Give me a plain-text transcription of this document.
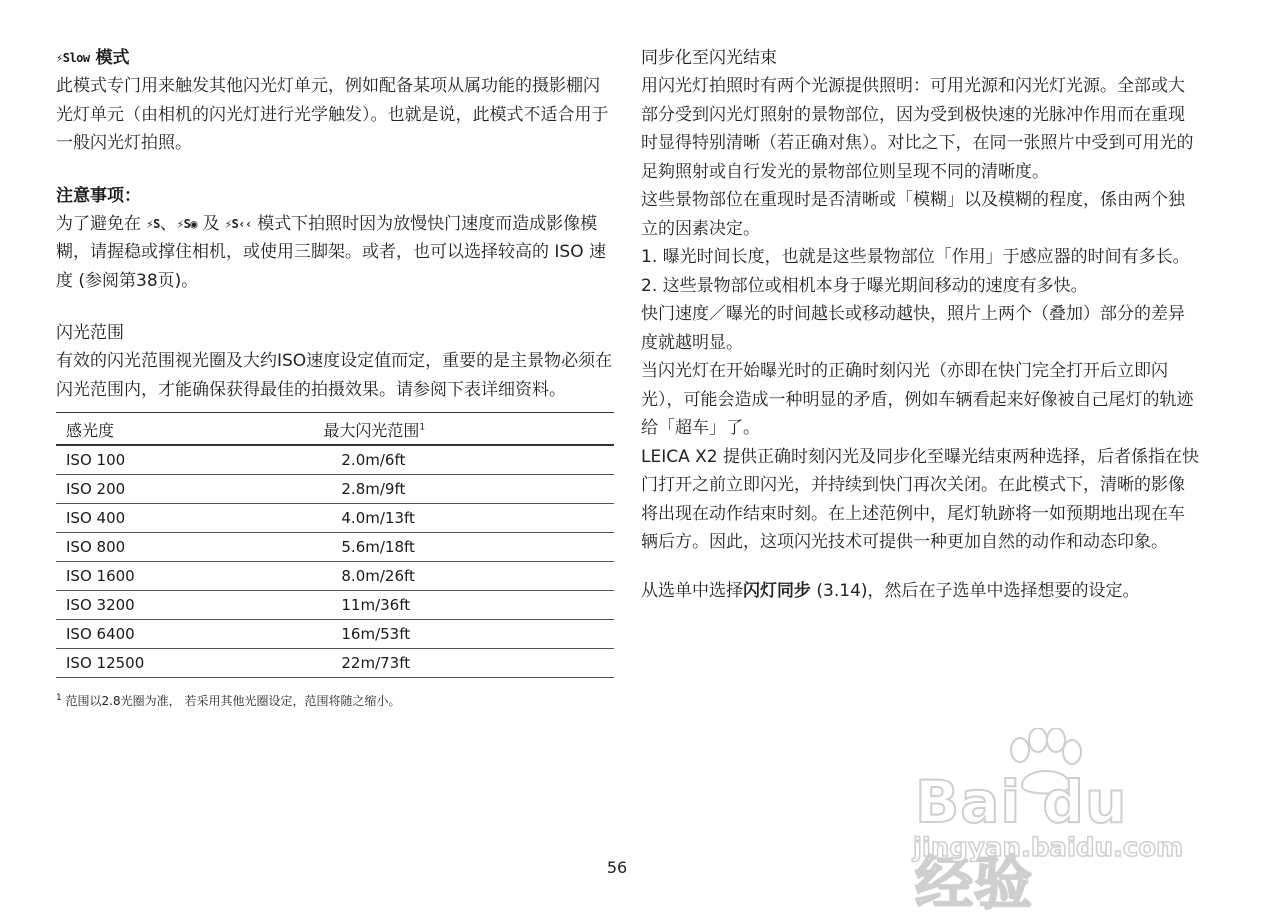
⚡Slow 模式

此模式专门用来触发其他闪光灯单元，例如配备某项从属功能的摄影棚闪光灯单元（由相机的闪光灯进行光学触发）。也就是说，此模式不适合用于一般闪光灯拍照。

注意事项：

为了避免在 ⚡S、⚡S◉ 及 ⚡S‹‹ 模式下拍照时因为放慢快门速度而造成影像模糊，请握稳或撑住相机，或使用三脚架。或者，也可以选择较高的 ISO 速度 (参阅第38页)。

闪光范围

有效的闪光范围视光圈及大约ISO速度设定值而定，重要的是主景物必须在闪光范围内，才能确保获得最佳的拍摄效果。请参阅下表详细资料。

感光度	最大闪光范围$^1$
ISO 100	2.0m/6ft
ISO 200	2.8m/9ft
ISO 400	4.0m/13ft
ISO 800	5.6m/18ft
ISO 1600	8.0m/26ft
ISO 3200	11m/36ft
ISO 6400	16m/53ft
ISO 12500	22m/73ft
$^1$ 范围以2.8光圈为准， 若采用其他光圈设定，范围将随之缩小。

同步化至闪光结束

用闪光灯拍照时有两个光源提供照明：可用光源和闪光灯光源。全部或大部分受到闪光灯照射的景物部位，因为受到极快速的光脉冲作用而在重现时显得特别清晰（若正确对焦）。对比之下，在同一张照片中受到可用光的足夠照射或自行发光的景物部位则呈现不同的清晰度。

这些景物部位在重现时是否清晰或「模糊」以及模糊的程度，係由两个独立的因素决定。

1. 曝光时间长度，也就是这些景物部位「作用」于感应器的时间有多长。

2. 这些景物部位或相机本身于曝光期间移动的速度有多快。

快门速度／曝光的时间越长或移动越快，照片上两个（叠加）部分的差异度就越明显。

当闪光灯在开始曝光时的正确时刻闪光（亦即在快门完全打开后立即闪光），可能会造成一种明显的矛盾，例如车辆看起来好像被自己尾灯的轨迹给「超车」了。

LEICA X2 提供正确时刻闪光及同步化至曝光结束两种选择，后者係指在快门打开之前立即闪光，并持续到快门再次关闭。在此模式下，清晰的影像将出现在动作结束时刻。在上述范例中，尾灯轨跡将一如预期地出现在车辆后方。因此，这项闪光技术可提供一种更加自然的动作和动态印象。

从选单中选择闪灯同步 (3.14)，然后在子选单中选择想要的设定。

56
Bai du 经验
jingyan.baidu.com
